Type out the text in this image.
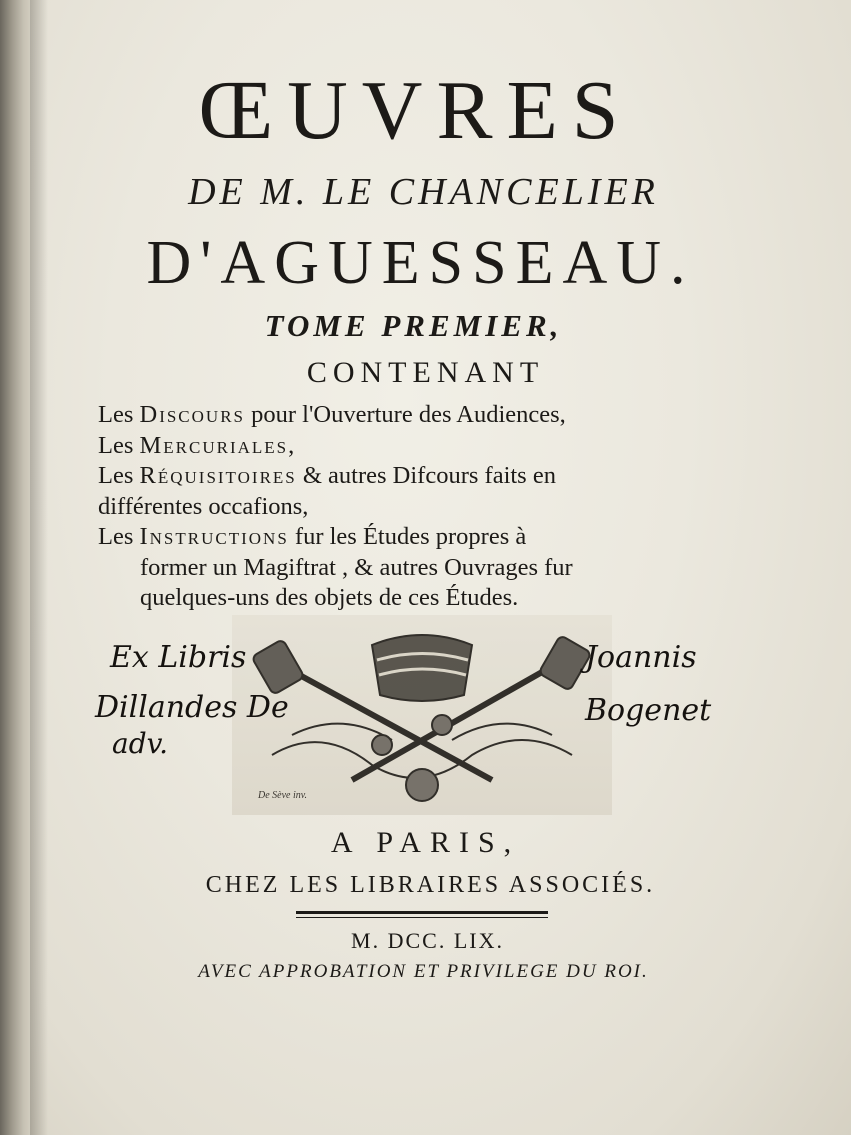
ŒUVRES
DE M. LE CHANCELIER
D'AGUESSEAU.
TOME PREMIER,
CONTENANT
Les Discours pour l'Ouverture des Audiences,
Les Mercuriales,
Les Réquisitoires & autres Difcours faits en
différentes occafions,
Les Instructions fur les Études propres à
former un Magiftrat , & autres Ouvrages fur
quelques-uns des objets de ces Études.
Ex Libris	Joannis
Dillandes De	Bogenet
adv.
De Sève inv.
A PARIS,
CHEZ LES LIBRAIRES ASSOCIÉS.
M. DCC. LIX.
AVEC APPROBATION ET PRIVILEGE DU ROI.
